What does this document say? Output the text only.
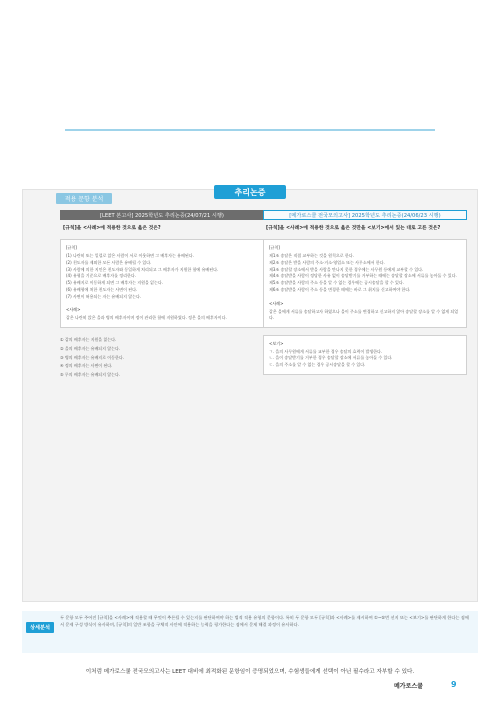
적용 문항 분석
추리논증
[LEET 본고사] 2025학년도 추리논증(24/07/21 시행)
[규칙]을 <사례>에 적용한 것으로 옳은 것은?
[규칙]

(1) 나란히 또는 일렬로 앉은 사람이 서로 이웃하면 그 배후자는 유배된다.

(2) 친도자를 제외한 모든 사람은 유배될 수 있다.

(3) 사람에 의한 지인은 친도자와 동일하게 처리되고 그 배후자가 지원한 합에 유배된다.

(4) 유형을 기준으로 배후자를 정리한다.

(5) 유배지로 이동하게 되면 그 배후자는 지원을 잃는다.

(6) 유배형에 처한 친도자는 사면이 된다.

(7) 사면이 허용되는 자는 유배되지 않는다.

<사례>

갑은 나란히 앉은 을과 병의 배후자이며 정이 관리한 합에 지원하였다. 정은 을의 배후자이다.

① 갑의 배후자는 지원을 잃는다.
② 을의 배후자는 유배되지 않는다.
③ 병의 배후자는 유배지로 이동한다.
④ 정의 배후자는 사면이 된다.
⑤ 무의 배후자는 유배되지 않는다.
[메가로스쿨 전국모의고사] 2025학년도 추리논증(24/06/23 시행)
[규칙]을 <사례>에 적용한 것으로 옳은 것만을 <보기>에서 있는 대로 고른 것은?
[규칙]

제1조 송달은 직접 교부하는 것을 원칙으로 한다.

제2조 송달은 받을 사람의 주소·거소·영업소 또는 사무소에서 한다.

제3조 송달할 장소에서 받을 사람을 만나지 못한 경우에는 사무원 등에게 교부할 수 있다.

제4조 송달받을 사람이 정당한 사유 없이 송달받기를 거부하는 때에는 송달할 장소에 서류를 놓아둘 수 있다.

제5조 송달받을 사람의 주소 등을 알 수 없는 경우에는 공시송달을 할 수 있다.

제6조 송달받을 사람이 주소 등을 변경한 때에는 바로 그 취지를 신고하여야 한다.

<사례>

갑은 을에게 서류를 송달하고자 하였으나 을이 주소를 변경하고 신고하지 않아 송달할 장소를 알 수 없게 되었다.

<보기>

ㄱ. 을의 사무원에게 서류를 교부한 경우 송달의 효력이 발생한다.

ㄴ. 을이 송달받기를 거부한 경우 송달할 장소에 서류를 놓아둘 수 있다.

ㄷ. 을의 주소를 알 수 없는 경우 공시송달을 할 수 있다.

상세분석
두 문항 모두 주어진 [규칙]을 <사례>에 적용할 때 무엇이 추론될 수 있는지를 판단하여야 하는 법적 적용 유형의 문항이다. 특히 두 문항 모두 [규칙]과 <사례>를 제시하여 ①~⑤번 선지 또는 <보기>를 판단하게 한다는 점에서 문제 구성 방식이 유사하며, [규칙]의 일반 조항을 구체적 사안에 적용하는 능력을 평가한다는 점에서 문제 해결 과정이 유사하다.
이처럼 메가로스쿨 전국모의고사는 LEET 대비에 최적화된 문항임이 증명되었으며, 수험생들에게 선택이 아닌 필수라고 자부할 수 있다.
메가로스쿨	9
